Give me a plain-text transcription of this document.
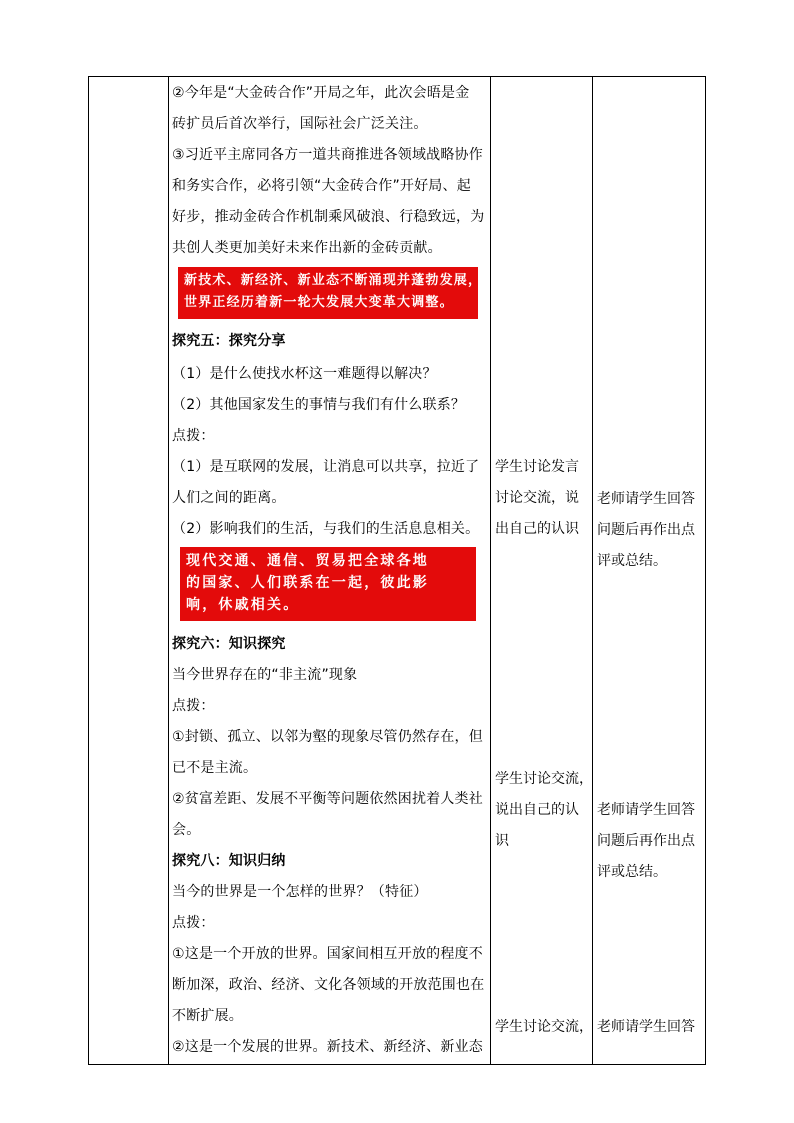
②今年是“大金砖合作”开局之年，此次会晤是金
砖扩员后首次举行，国际社会广泛关注。
③习近平主席同各方一道共商推进各领域战略协作
和务实合作，必将引领“大金砖合作”开好局、起
好步，推动金砖合作机制乘风破浪、行稳致远，为
共创人类更加美好未来作出新的金砖贡献。
新技术、新经济、新业态不断涌现并蓬勃发展，
世界正经历着新一轮大发展大变革大调整。
探究五：探究分享
（1）是什么使找水杯这一难题得以解决？
（2）其他国家发生的事情与我们有什么联系？
点拨：
（1）是互联网的发展，让消息可以共享，拉近了
人们之间的距离。
（2）影响我们的生活，与我们的生活息息相关。
现代交通、通信、贸易把全球各地
的国家、人们联系在一起，彼此影
响，休戚相关。
探究六：知识探究
当今世界存在的“非主流”现象
点拨：
①封锁、孤立、以邻为壑的现象尽管仍然存在，但
已不是主流。
②贫富差距、发展不平衡等问题依然困扰着人类社
会。
探究八：知识归纳
当今的世界是一个怎样的世界？（特征）
点拨：
①这是一个开放的世界。国家间相互开放的程度不
断加深，政治、经济、文化各领域的开放范围也在
不断扩展。
②这是一个发展的世界。新技术、新经济、新业态
学生讨论发言
讨论交流，说
出自己的认识
学生讨论交流，
说出自己的认
识
学生讨论交流，
老师请学生回答
问题后再作出点
评或总结。
老师请学生回答
问题后再作出点
评或总结。
老师请学生回答
